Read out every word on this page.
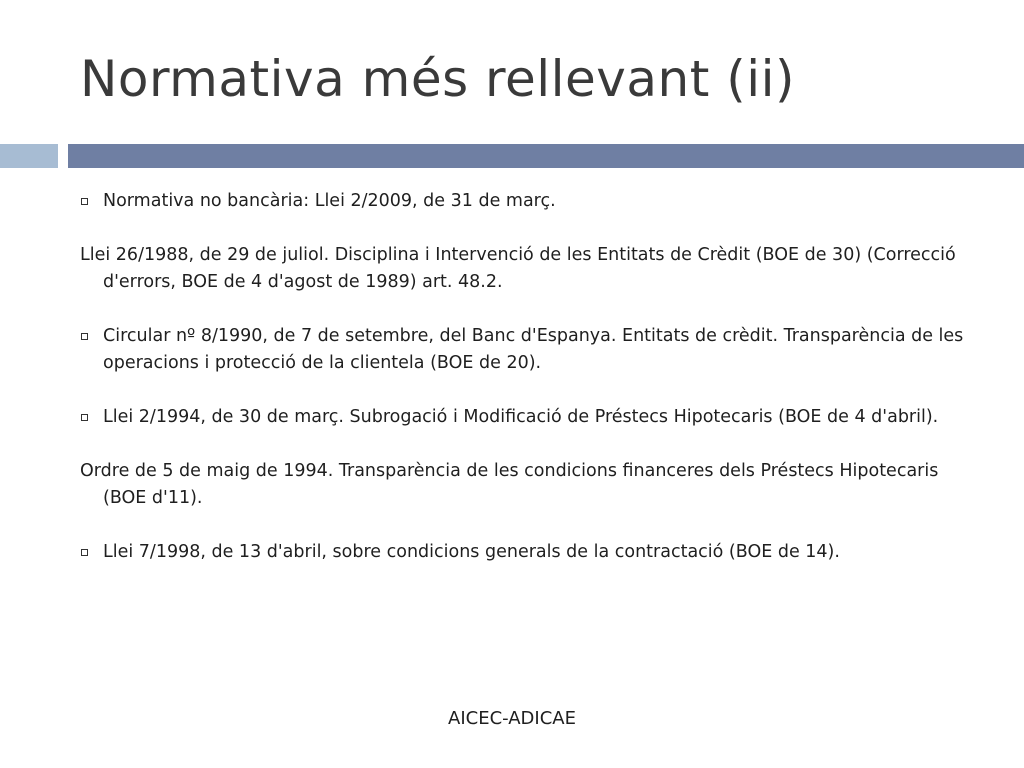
Normativa més rellevant (ii)

Normativa no bancària: Llei 2/2009, de 31 de març.

Llei 26/1988, de 29 de juliol. Disciplina i Intervenció de les Entitats de Crèdit (BOE de 30) (Correcció d'errors, BOE de 4 d'agost de 1989) art. 48.2.

Circular nº 8/1990, de 7 de setembre, del Banc d'Espanya. Entitats de crèdit. Transparència de les operacions i protecció de la clientela (BOE de 20).

Llei 2/1994, de 30 de març. Subrogació i Modificació de Préstecs Hipotecaris (BOE de 4 d'abril).

Ordre de 5 de maig de 1994. Transparència de les condicions financeres dels Préstecs Hipotecaris (BOE d'11).

Llei 7/1998, de 13 d'abril, sobre condicions generals de la contractació (BOE de 14).

AICEC-ADICAE
